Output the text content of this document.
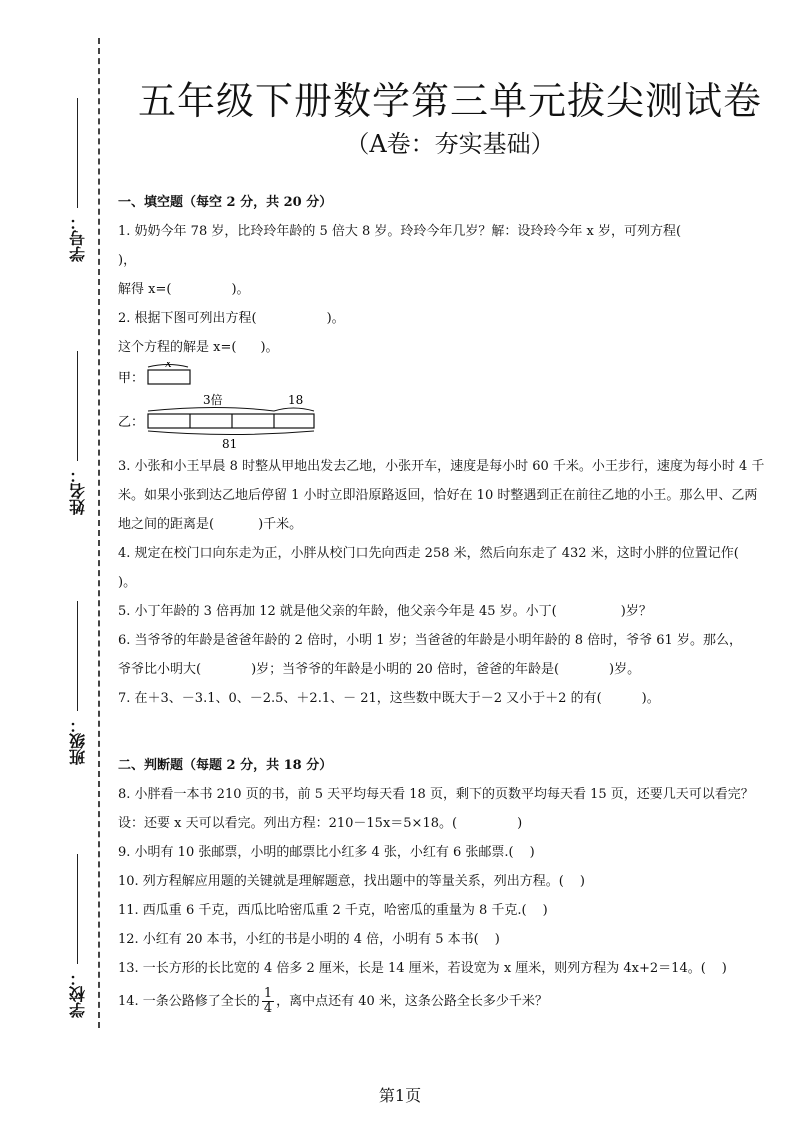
学号：
姓名：
班级：
学校：
五年级下册数学第三单元拔尖测试卷
（A卷：夯实基础）
一、填空题（每空 2 分，共 20 分）
1. 奶奶今年 78 岁，比玲玲年龄的 5 倍大 8 岁。玲玲今年几岁？解：设玲玲今年 x 岁，可列方程()，
解得 x=(	)。
2. 根据下图可列出方程(	)。
这个方程的解是 x=( )。
甲：
x
3倍	18
乙：
81
3. 小张和小王早晨 8 时整从甲地出发去乙地，小张开车，速度是每小时 60 千米。小王步行，速度为每小时 4 千米。如果小张到达乙地后停留 1 小时立即沿原路返回，恰好在 10 时整遇到正在前往乙地的小王。那么甲、乙两地之间的距离是(	)千米。
4. 规定在校门口向东走为正，小胖从校门口先向西走 258 米，然后向东走了 432 米，这时小胖的位置记作()。
5. 小丁年龄的 3 倍再加 12 就是他父亲的年龄，他父亲今年是 45 岁。小丁(	)岁？
6. 当爷爷的年龄是爸爸年龄的 2 倍时，小明 1 岁；当爸爸的年龄是小明年龄的 8 倍时，爷爷 61 岁。那么，
爷爷比小明大(	)岁；当爷爷的年龄是小明的 20 倍时，爸爸的年龄是(	)岁。
7. 在＋3、－3.1、0、－2.5、＋2.1、－ 21，这些数中既大于－2 又小于＋2 的有(	)。
二、判断题（每题 2 分，共 18 分）
8. 小胖看一本书 210 页的书，前 5 天平均每天看 18 页，剩下的页数平均每天看 15 页，还要几天可以看完？
设：还要 x 天可以看完。列出方程：210－15x＝5×18。(	)
9. 小明有 10 张邮票，小明的邮票比小红多 4 张，小红有 6 张邮票.( )
10. 列方程解应用题的关键就是理解题意，找出题中的等量关系，列出方程。( )
11. 西瓜重 6 千克，西瓜比哈密瓜重 2 千克，哈密瓜的重量为 8 千克.( )
12. 小红有 20 本书，小红的书是小明的 4 倍，小明有 5 本书( )
13. 一长方形的长比宽的 4 倍多 2 厘米，长是 14 厘米，若设宽为 x 厘米，则列方程为 4x+2＝14。( )
14. 一条公路修了全长的 $\frac{1}{4}$ ，离中点还有 40 米，这条公路全长多少千米？
第1页
